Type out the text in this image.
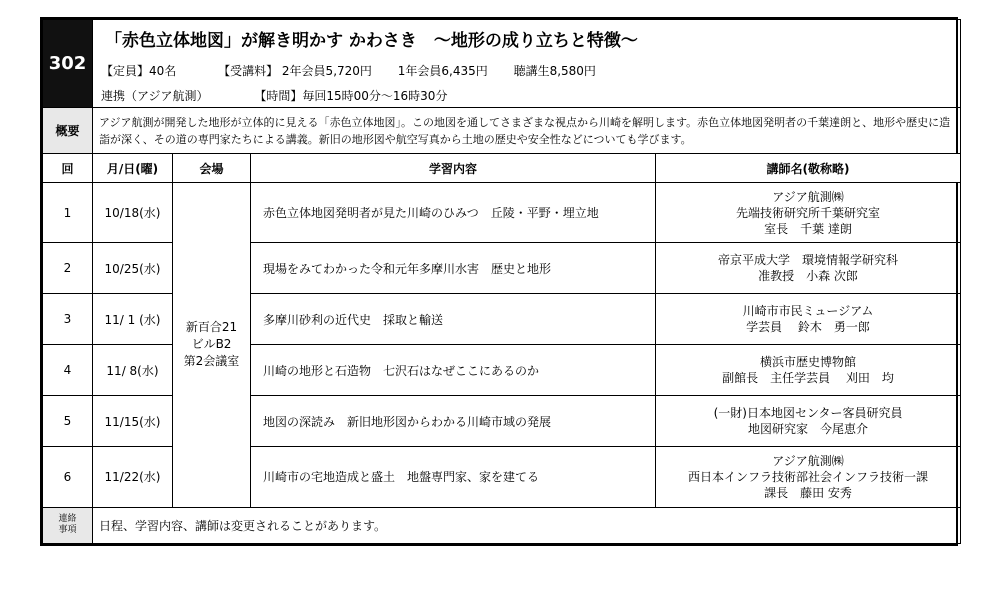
302	「赤色立体地図」が解き明かす かわさき　～地形の成り立ちと特徴～			
	【定員】40名 【受講料】 2年会員5,720円 1年会員6,435円 聴講生8,580円			
	連携（アジア航測） 【時間】毎回15時00分～16時30分			
概要	アジア航測が開発した地形が立体的に見える「赤色立体地図」。この地図を通してさまざまな視点から川崎を解明します。赤色立体地図発明者の千葉達朗と、地形や歴史に造詣が深く、その道の専門家たちによる講義。新旧の地形図や航空写真から土地の歴史や安全性などについても学びます。			
回	月/日(曜)	会場	学習内容	講師名(敬称略)
1	10/18(水)	新百合21
ビルB2
第2会議室	赤色立体地図発明者が見た川崎のひみつ　丘陵・平野・埋立地	アジア航測㈱
先端技術研究所千葉研究室
室長　千葉 達朗

2	10/25(水)		現場をみてわかった令和元年多摩川水害　歴史と地形	帝京平成大学　環境情報学研究科
准教授　小森 次郎

3	11/ 1 (水)		多摩川砂利の近代史　採取と輸送	川崎市市民ミュージアム
学芸員　 鈴木　勇一郎

4	11/ 8(水)		川崎の地形と石造物　七沢石はなぜここにあるのか	横浜市歴史博物館
副館長　主任学芸員　 刈田　均

5	11/15(水)		地図の深読み　新旧地形図からわかる川崎市域の発展	(一財)日本地図センター客員研究員
地図研究家　今尾恵介

6	11/22(水)		川崎市の宅地造成と盛土　地盤専門家、家を建てる	アジア航測㈱
西日本インフラ技術部社会インフラ技術一課
課長　藤田 安秀

連絡
事項	日程、学習内容、講師は変更されることがあります。			
